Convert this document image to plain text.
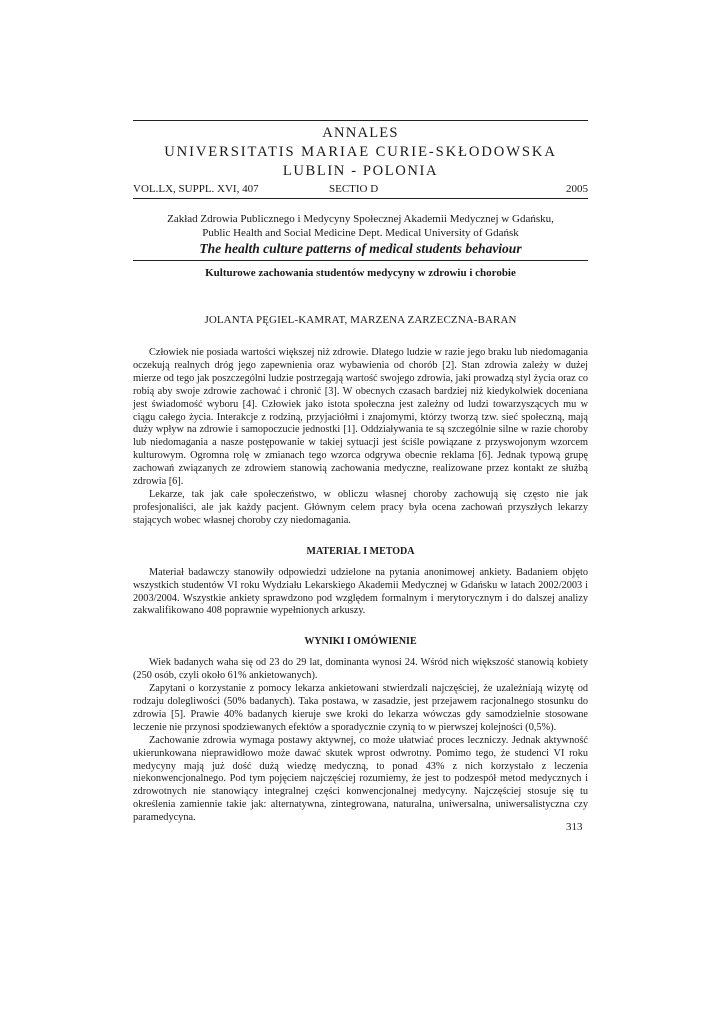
ANNALES
UNIVERSITATIS MARIAE CURIE-SKŁODOWSKA
LUBLIN - POLONIA
VOL.LX, SUPPL. XVI, 407	SECTIO D	2005
Zakład Zdrowia Publicznego i Medycyny Społecznej Akademii Medycznej w Gdańsku,
Public Health and Social Medicine Dept. Medical University of Gdańsk
The health culture patterns of medical students behaviour
Kulturowe zachowania studentów medycyny w zdrowiu i chorobie
JOLANTA PĘGIEL-KAMRAT, MARZENA ZARZECZNA-BARAN

Człowiek nie posiada wartości większej niż zdrowie. Dlatego ludzie w razie jego braku lub niedomagania oczekują realnych dróg jego zapewnienia oraz wybawienia od chorób [2]. Stan zdrowia zależy w dużej mierze od tego jak poszczególni ludzie postrzegają wartość swojego zdrowia, jaki prowadzą styl życia oraz co robią aby swoje zdrowie zachować i chronić [3]. W obecnych czasach bardziej niż kiedykolwiek doceniana jest świadomość wyboru [4]. Człowiek jako istota społeczna jest zależny od ludzi towarzyszących mu w ciągu całego życia. Interakcje z rodziną, przyjaciółmi i znajomymi, którzy tworzą tzw. sieć społeczną, mają duży wpływ na zdrowie i samopoczucie jednostki [1]. Oddziaływania te są szczególnie silne w razie choroby lub niedomagania a nasze postępowanie w takiej sytuacji jest ściśle powiązane z przyswojonym wzorcem kulturowym. Ogromna rolę w zmianach tego wzorca odgrywa obecnie reklama [6]. Jednak typową grupę zachowań związanych ze zdrowiem stanowią zachowania medyczne, realizowane przez kontakt ze służbą zdrowia [6].

Lekarze, tak jak całe społeczeństwo, w obliczu własnej choroby zachowują się często nie jak profesjonaliści, ale jak każdy pacjent. Głównym celem pracy była ocena zachowań przyszłych lekarzy stających wobec własnej choroby czy niedomagania.

MATERIAŁ I METODA

Materiał badawczy stanowiły odpowiedzi udzielone na pytania anonimowej ankiety. Badaniem objęto wszystkich studentów VI roku Wydziału Lekarskiego Akademii Medycznej w Gdańsku w latach 2002/2003 i 2003/2004. Wszystkie ankiety sprawdzono pod względem formalnym i merytorycznym i do dalszej analizy zakwalifikowano 408 poprawnie wypełnionych arkuszy.

WYNIKI I OMÓWIENIE

Wiek badanych waha się od 23 do 29 lat, dominanta wynosi 24. Wśród nich większość stanowią kobiety (250 osób, czyli około 61% ankietowanych).

Zapytani o korzystanie z pomocy lekarza ankietowani stwierdzali najczęściej, że uzależniają wizytę od rodzaju dolegliwości (50% badanych). Taka postawa, w zasadzie, jest przejawem racjonalnego stosunku do zdrowia [5]. Prawie 40% badanych kieruje swe kroki do lekarza wówczas gdy samodzielnie stosowane leczenie nie przynosi spodziewanych efektów a sporadycznie czynią to w pierwszej kolejności (0,5%).

Zachowanie zdrowia wymaga postawy aktywnej, co może ułatwiać proces leczniczy. Jednak aktywność ukierunkowana nieprawidłowo może dawać skutek wprost odwrotny. Pomimo tego, że studenci VI roku medycyny mają już dość dużą wiedzę medyczną, to ponad 43% z nich korzystało z leczenia niekonwencjonalnego. Pod tym pojęciem najczęściej rozumiemy, że jest to podzespół metod medycznych i zdrowotnych nie stanowiący integralnej części konwencjonalnej medycyny. Najczęściej stosuje się tu określenia zamiennie takie jak: alternatywna, zintegrowana, naturalna, uniwersalna, uniwersalistyczna czy paramedycyna.

313
